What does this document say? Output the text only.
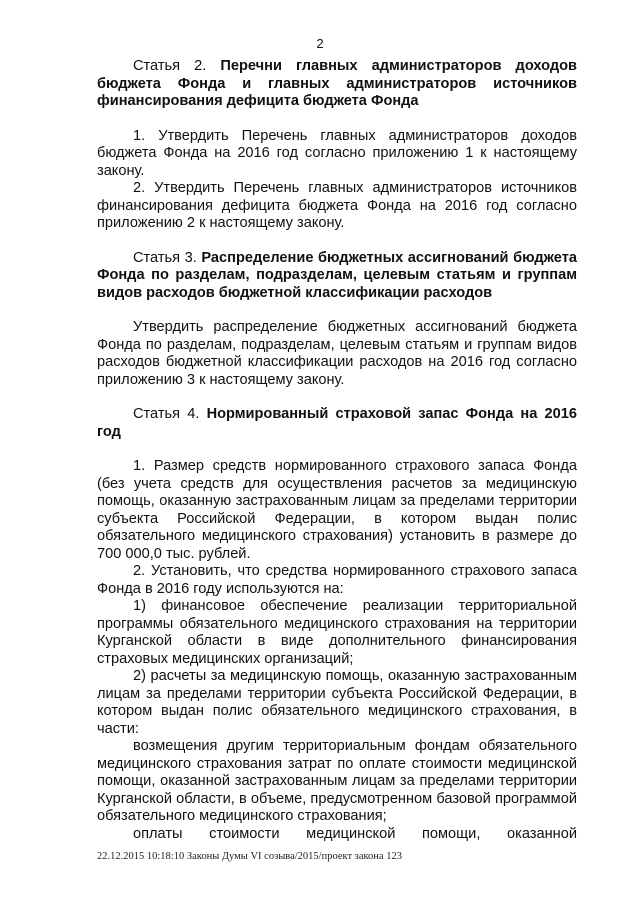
2

Статья 2. Перечни главных администраторов доходов бюджета Фонда и главных администраторов источников финансирования дефицита бюджета Фонда

1. Утвердить Перечень главных администраторов доходов бюджета Фонда на 2016 год согласно приложению 1 к настоящему закону.

2. Утвердить Перечень главных администраторов источников финансирования дефицита бюджета Фонда на 2016 год согласно приложению 2 к настоящему закону.

Статья 3. Распределение бюджетных ассигнований бюджета Фонда по разделам, подразделам, целевым статьям и группам видов расходов бюджетной классификации расходов

Утвердить распределение бюджетных ассигнований бюджета Фонда по разделам, подразделам, целевым статьям и группам видов расходов бюджетной классификации расходов на 2016 год согласно приложению 3 к настоящему закону.

Статья 4. Нормированный страховой запас Фонда на 2016 год

1. Размер средств нормированного страхового запаса Фонда (без учета средств для осуществления расчетов за медицинскую помощь, оказанную застрахованным лицам за пределами территории субъекта Российской Федерации, в котором выдан полис обязательного медицинского страхования) установить в размере до 700 000,0 тыс. рублей.

2. Установить, что средства нормированного страхового запаса Фонда в 2016 году используются на:

1) финансовое обеспечение реализации территориальной программы обязательного медицинского страхования на территории Курганской области в виде дополнительного финансирования страховых медицинских организаций;

2) расчеты за медицинскую помощь, оказанную застрахованным лицам за пределами территории субъекта Российской Федерации, в котором выдан полис обязательного медицинского страхования, в части:

возмещения другим территориальным фондам обязательного медицинского страхования затрат по оплате стоимости медицинской помощи, оказанной застрахованным лицам за пределами территории Курганской области, в объеме, предусмотренном базовой программой обязательного медицинского страхования;

оплаты стоимости медицинской помощи, оказанной

22.12.2015 10:18:10 Законы Думы VI созыва/2015/проект закона 123
